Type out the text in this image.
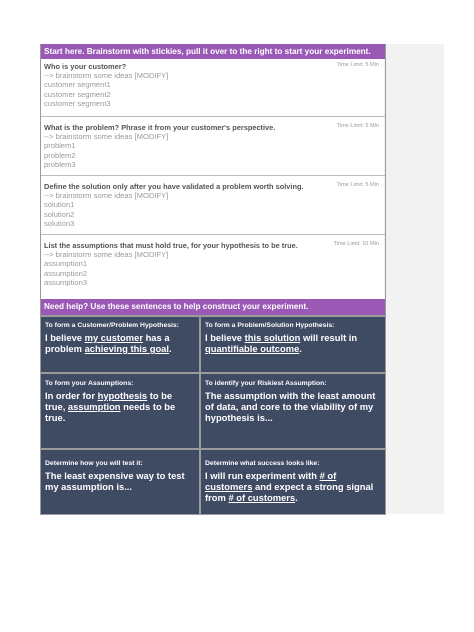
Start here. Brainstorm with stickies, pull it over to the right to start your experiment.
Who is your customer?	Time Limit: 5 Min
--> brainstorm some ideas [MODIFY]
customer segment1
customer segment2
customer segment3
What is the problem? Phrase it from your customer's perspective.	Time Limit: 5 Min
--> brainstorm some ideas [MODIFY]
problem1
problem2
problem3
Define the solution only after you have validated a problem worth solving.	Time Limit: 5 Min
--> brainstorm some ideas [MODIFY]
solution1
solution2
solution3
List the assumptions that must hold true, for your hypothesis to be true.	Time Limit: 10 Min
--> brainstorm some ideas [MODIFY]
assumption1
assumption2
assumption3
Need help? Use these sentences to help construct your experiment.
To form a Customer/Problem Hypothesis:
I believe my customer has a problem achieving this goal.
To form a Problem/Solution Hypothesis:
I believe this solution will result in quantifiable outcome.
To form your Assumptions:
In order for hypothesis to be true, assumption needs to be true.
To identify your Riskiest Assumption:
The assumption with the least amount of data, and core to the viability of my hypothesis is...
Determine how you will test it:
The least expensive way to test my assumption is...
Determine what success looks like:
I will run experiment with # of customers and expect a strong signal from # of customers.
